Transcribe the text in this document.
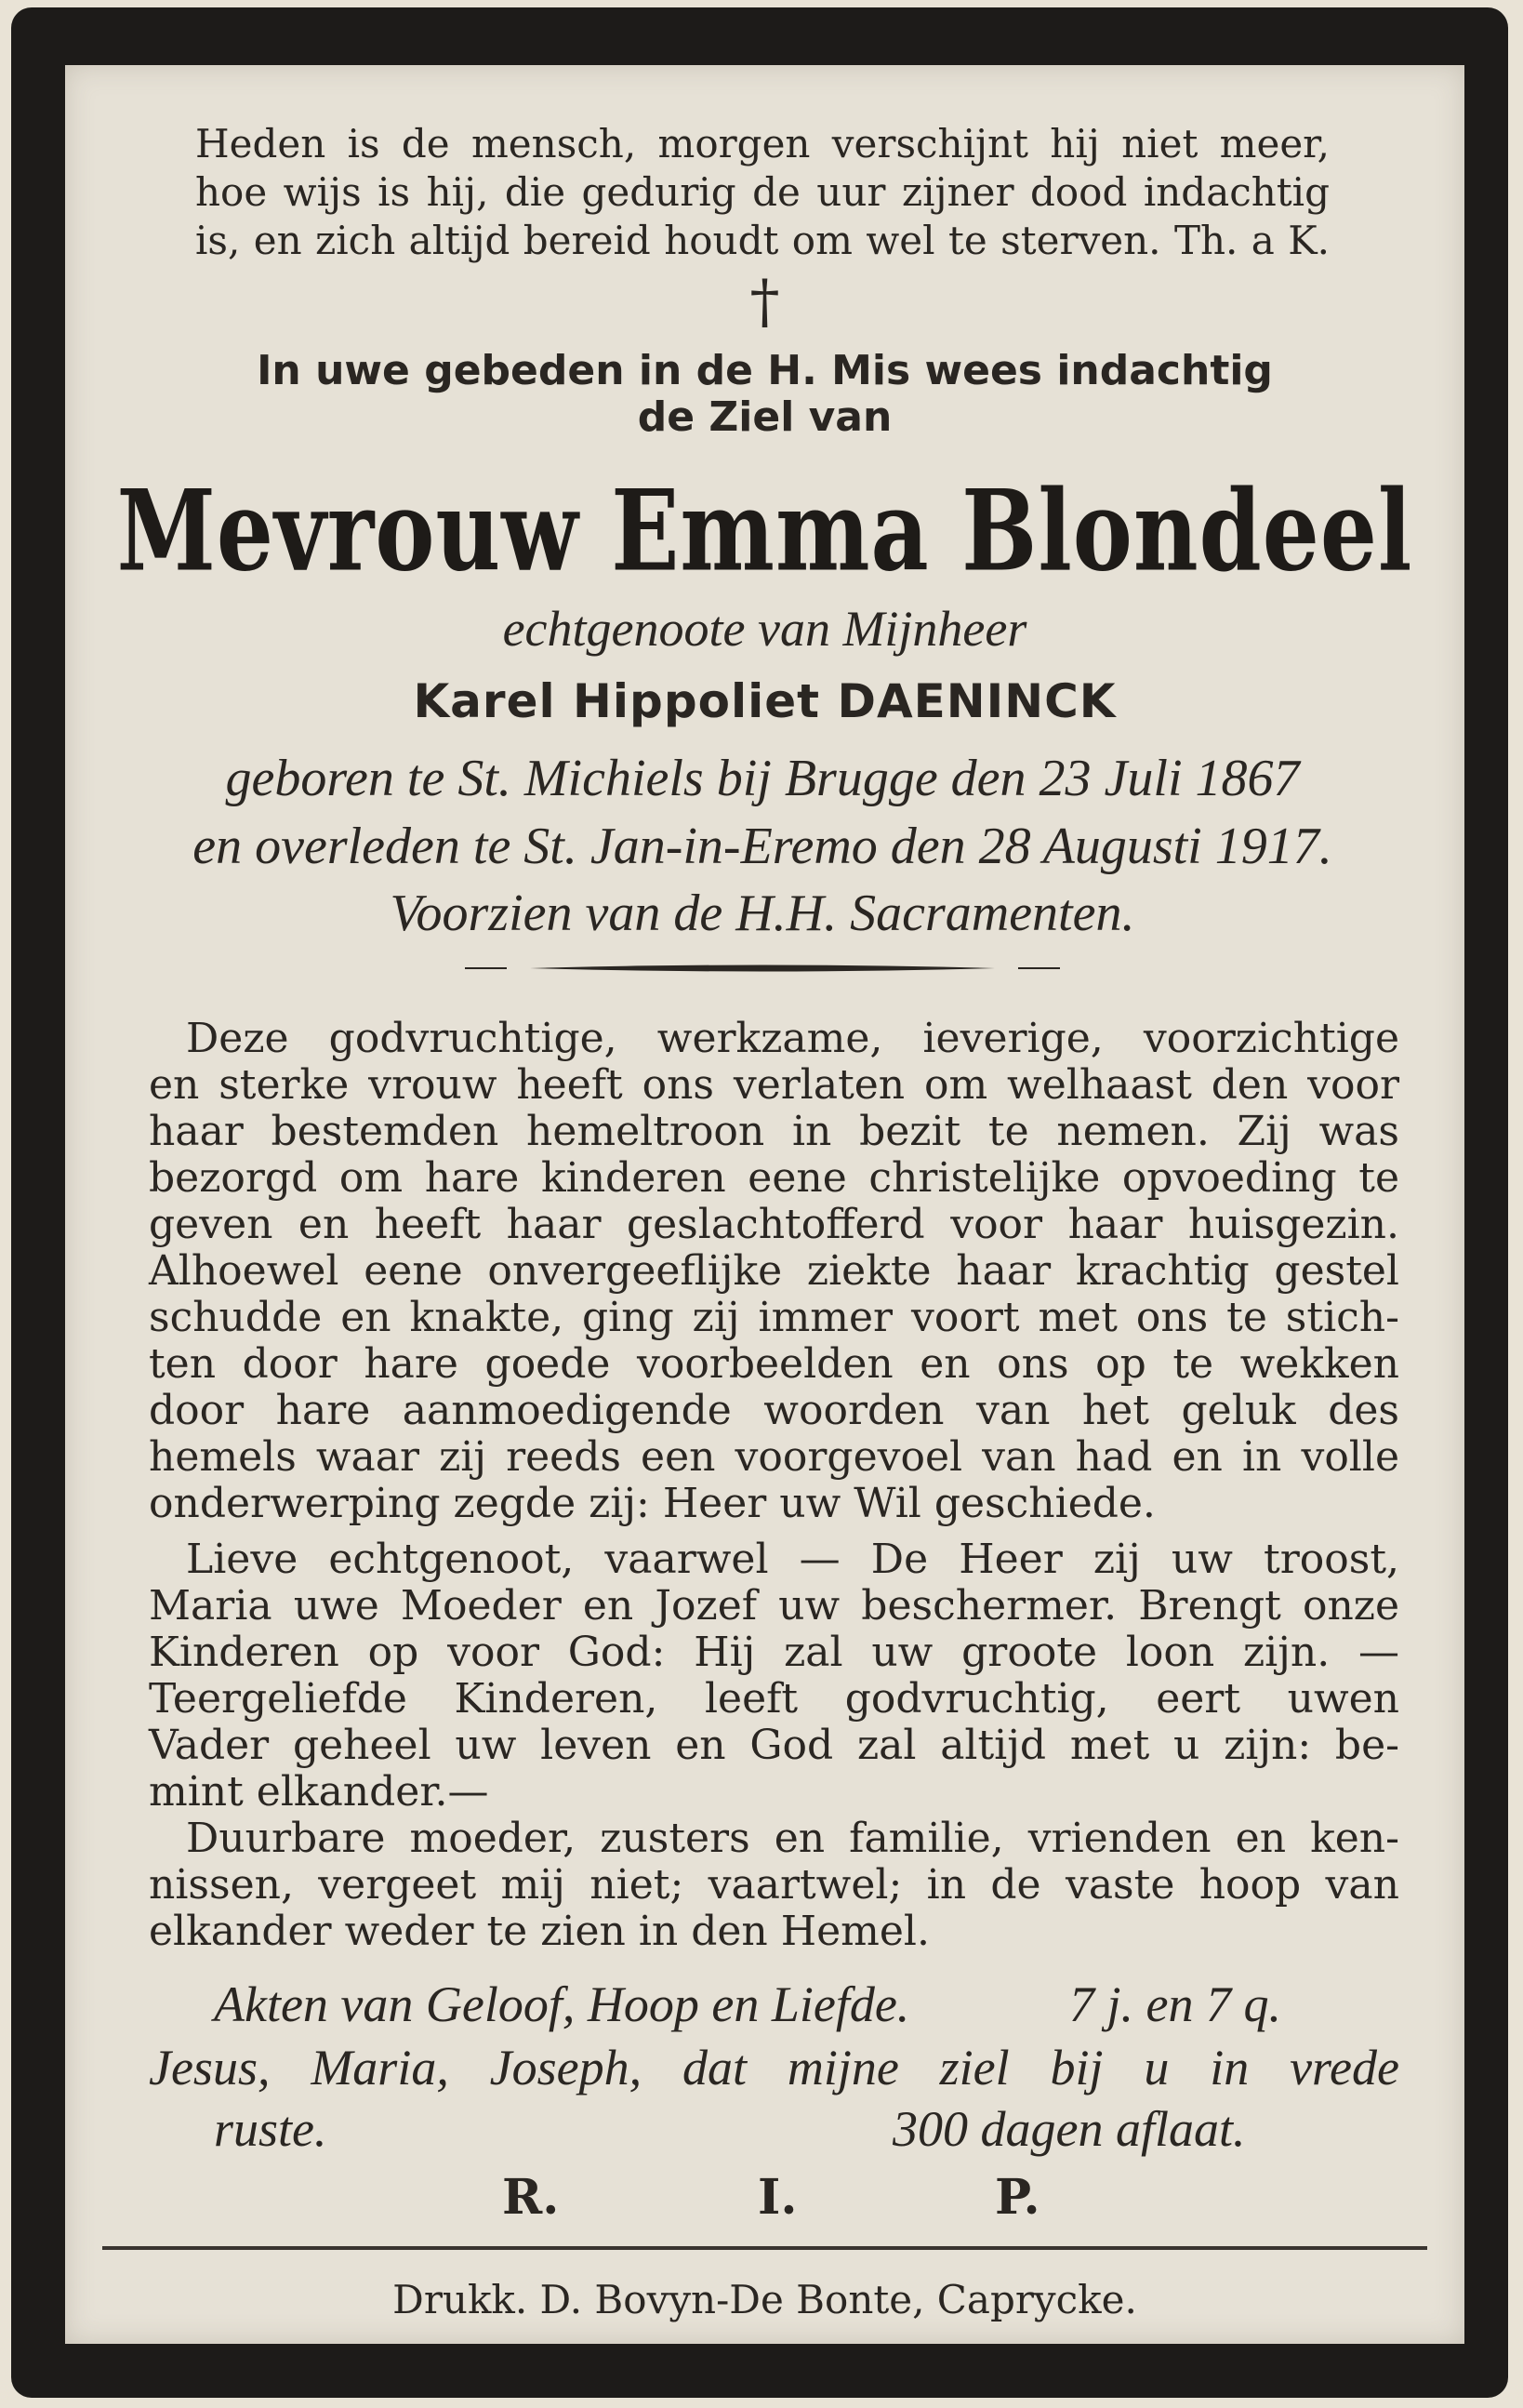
Heden is de mensch, morgen verschijnt hij niet meer,
hoe wijs is hij, die gedurig de uur zijner dood indachtig
is, en zich altijd bereid houdt om wel te sterven. Th. a K.
†
In uwe gebeden in de H. Mis wees indachtig
de Ziel van
Mevrouw Emma Blondeel
echtgenoote van Mijnheer
Karel Hippoliet DAENINCK
geboren te St. Michiels bij Brugge den 23 Juli 1867
en overleden te St. Jan-in-Eremo den 28 Augusti 1917.
Voorzien van de H.H. Sacramenten.
Deze godvruchtige, werkzame, ieverige, voorzichtige
en sterke vrouw heeft ons verlaten om welhaast den voor
haar bestemden hemeltroon in bezit te nemen. Zij was
bezorgd om hare kinderen eene christelijke opvoeding te
geven en heeft haar geslachtofferd voor haar huisgezin.
Alhoewel eene onvergeeflijke ziekte haar krachtig gestel
schudde en knakte, ging zij immer voort met ons te stich-
ten door hare goede voorbeelden en ons op te wekken
door hare aanmoedigende woorden van het geluk des
hemels waar zij reeds een voorgevoel van had en in volle
onderwerping zegde zij: Heer uw Wil geschiede.
Lieve echtgenoot, vaarwel — De Heer zij uw troost,
Maria uwe Moeder en Jozef uw beschermer. Brengt onze
Kinderen op voor God: Hij zal uw groote loon zijn. —
Teergeliefde Kinderen, leeft godvruchtig, eert uwen
Vader geheel uw leven en God zal altijd met u zijn: be-
mint elkander.—
Duurbare moeder, zusters en familie, vrienden en ken-
nissen, vergeet mij niet; vaartwel; in de vaste hoop van
elkander weder te zien in den Hemel.
Akten van Geloof, Hoop en Liefde.	7 j. en 7 q.
Jesus, Maria, Joseph, dat mijne ziel bij u in vrede
ruste.	300 dagen aflaat.
R.	I.	P.
Drukk. D. Bovyn-De Bonte, Caprycke.
